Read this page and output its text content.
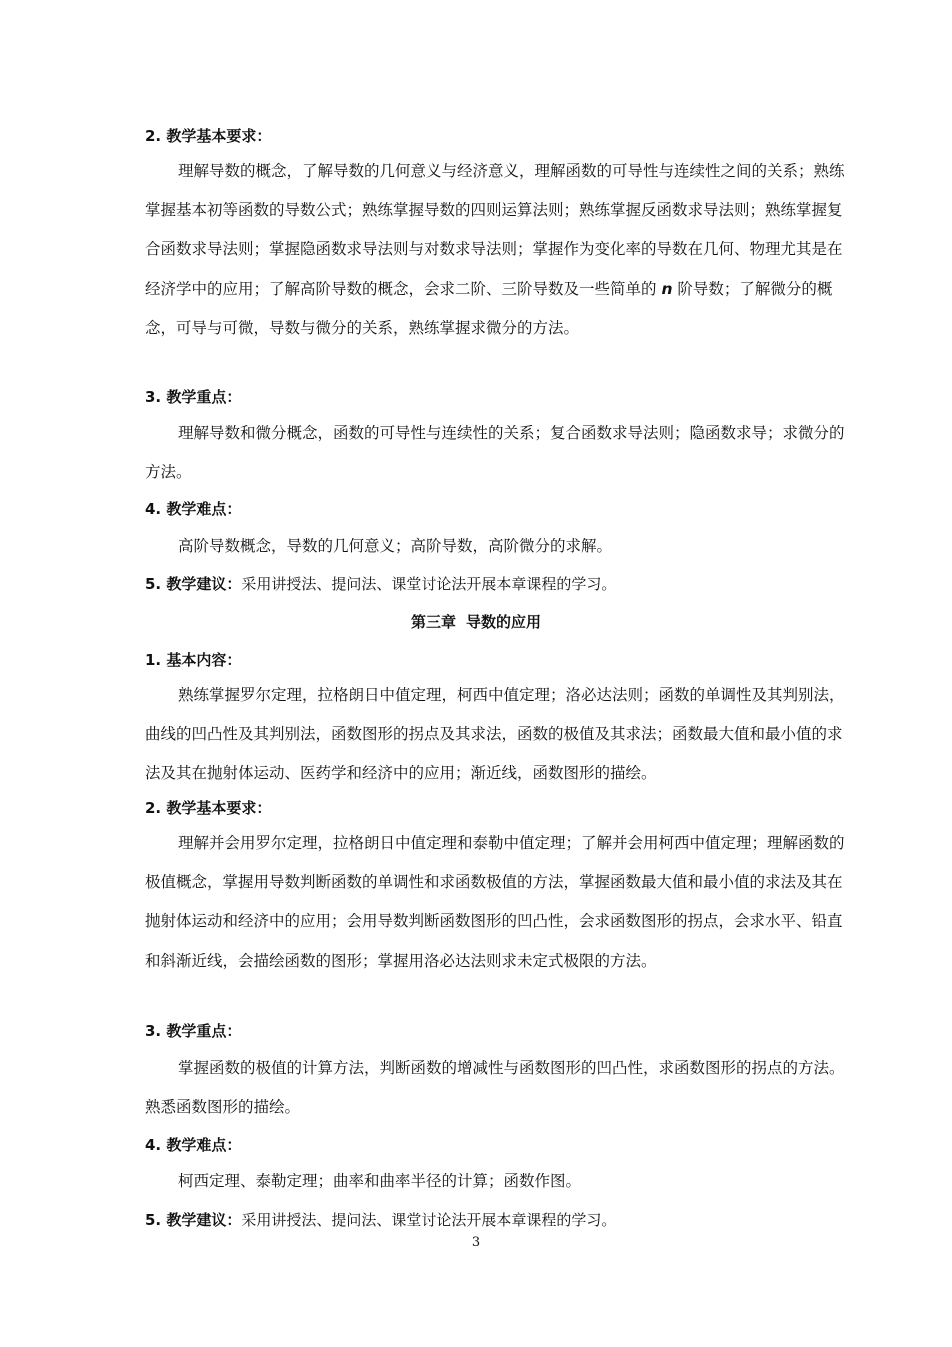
2. 教学基本要求：

理解导数的概念，了解导数的几何意义与经济意义，理解函数的可导性与连续性之间的关系；熟练掌握基本初等函数的导数公式；熟练掌握导数的四则运算法则；熟练掌握反函数求导法则；熟练掌握复合函数求导法则；掌握隐函数求导法则与对数求导法则；掌握作为变化率的导数在几何、物理尤其是在经济学中的应用；了解高阶导数的概念，会求二阶、三阶导数及一些简单的 n 阶导数；了解微分的概念，可导与可微，导数与微分的关系，熟练掌握求微分的方法。

3. 教学重点：

理解导数和微分概念，函数的可导性与连续性的关系；复合函数求导法则；隐函数求导；求微分的方法。

4. 教学难点：

高阶导数概念，导数的几何意义；高阶导数，高阶微分的求解。

5. 教学建议：采用讲授法、提问法、课堂讨论法开展本章课程的学习。
第三章 导数的应用
1. 基本内容：

熟练掌握罗尔定理，拉格朗日中值定理，柯西中值定理；洛必达法则；函数的单调性及其判别法，曲线的凹凸性及其判别法，函数图形的拐点及其求法，函数的极值及其求法；函数最大值和最小值的求法及其在抛射体运动、医药学和经济中的应用；渐近线，函数图形的描绘。

2. 教学基本要求：

理解并会用罗尔定理，拉格朗日中值定理和泰勒中值定理；了解并会用柯西中值定理；理解函数的极值概念，掌握用导数判断函数的单调性和求函数极值的方法，掌握函数最大值和最小值的求法及其在抛射体运动和经济中的应用；会用导数判断函数图形的凹凸性，会求函数图形的拐点，会求水平、铅直和斜渐近线，会描绘函数的图形；掌握用洛必达法则求未定式极限的方法。

3. 教学重点：

掌握函数的极值的计算方法，判断函数的增减性与函数图形的凹凸性，求函数图形的拐点的方法。熟悉函数图形的描绘。

4. 教学难点：

柯西定理、泰勒定理；曲率和曲率半径的计算；函数作图。

5. 教学建议：采用讲授法、提问法、课堂讨论法开展本章课程的学习。
3
